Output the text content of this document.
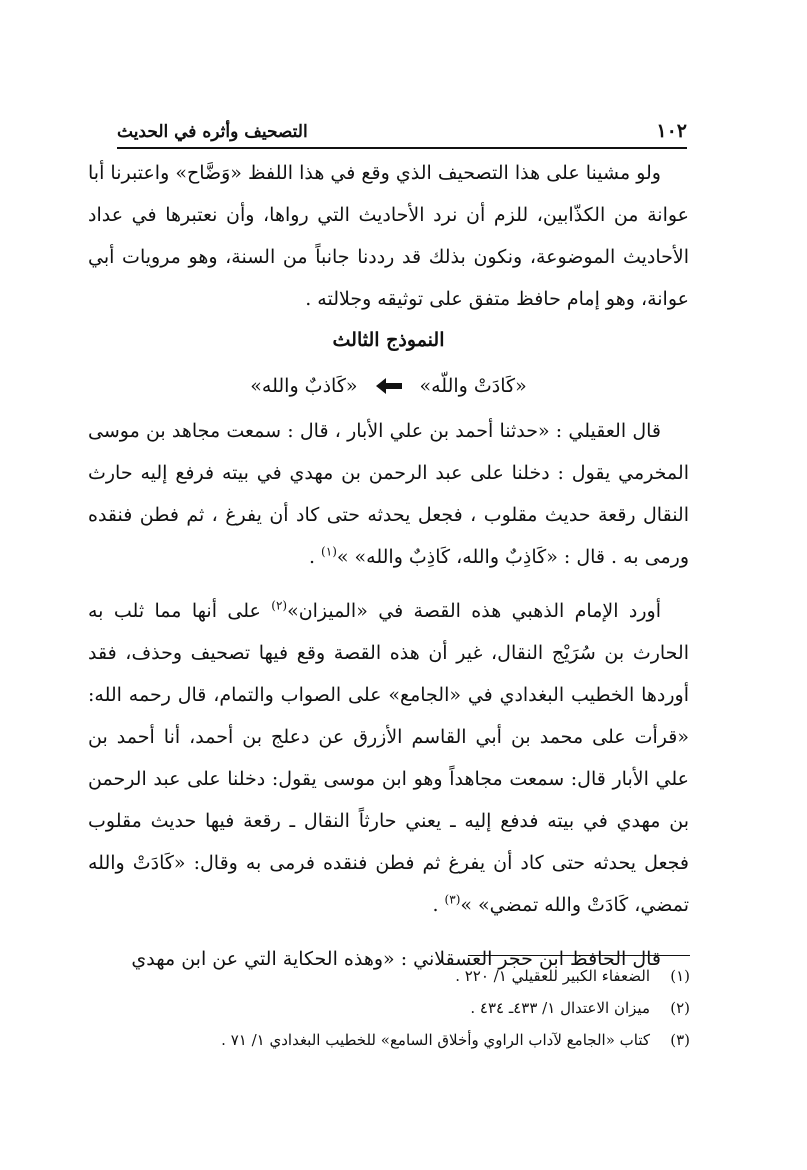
التصحيف وأثره في الحديث	١٠٢

ولو مشينا على هذا التصحيف الذي وقع في هذا اللفظ «وَضَّاح» واعتبرنا أبا عوانة من الكذّابين، للزم أن نرد الأحاديث التي رواها، وأن نعتبرها في عداد الأحاديث الموضوعة، ونكون بذلك قد رددنا جانباً من السنة، وهو مرويات أبي عوانة، وهو إمام حافظ متفق على توثيقه وجلالته .

النموذج الثالث

«كَادَتْ واللّه»
«كَاذبٌ والله»

قال العقيلي : «حدثنا أحمد بن علي الأبار ، قال : سمعت مجاهد بن موسى المخرمي يقول : دخلنا على عبد الرحمن بن مهدي في بيته فرفع إليه حارث النقال رقعة حديث مقلوب ، فجعل يحدثه حتى كاد أن يفرغ ، ثم فطن فنقده ورمى به . قال : «كَاذِبٌ والله، كَاذِبٌ والله» »$^{(١)}$ .

أورد الإمام الذهبي هذه القصة في «الميزان»$^{(٢)}$ على أنها مما ثلب به الحارث بن سُرَيْج النقال، غير أن هذه القصة وقع فيها تصحيف وحذف، فقد أوردها الخطيب البغدادي في «الجامع» على الصواب والتمام، قال رحمه الله: «قرأت على محمد بن أبي القاسم الأزرق عن دعلج بن أحمد، أنا أحمد بن علي الأبار قال: سمعت مجاهداً وهو ابن موسى يقول: دخلنا على عبد الرحمن بن مهدي في بيته فدفع إليه ـ يعني حارثاً النقال ـ رقعة فيها حديث مقلوب فجعل يحدثه حتى كاد أن يفرغ ثم فطن فنقده فرمى به وقال: «كَادَتْ والله تمضي، كَادَتْ والله تمضي» »$^{(٣)}$ .

قال الحافظ ابن حجر العسقلاني : «وهذه الحكاية التي عن ابن مهدي

(١)
الضعفاء الكبير للعقيلي ١/ ٢٢٠ .
(٢)
ميزان الاعتدال ١/ ٤٣٣ـ ٤٣٤ .
(٣)
كتاب «الجامع لآداب الراوي وأخلاق السامع» للخطيب البغدادي ١/ ٧١ .
